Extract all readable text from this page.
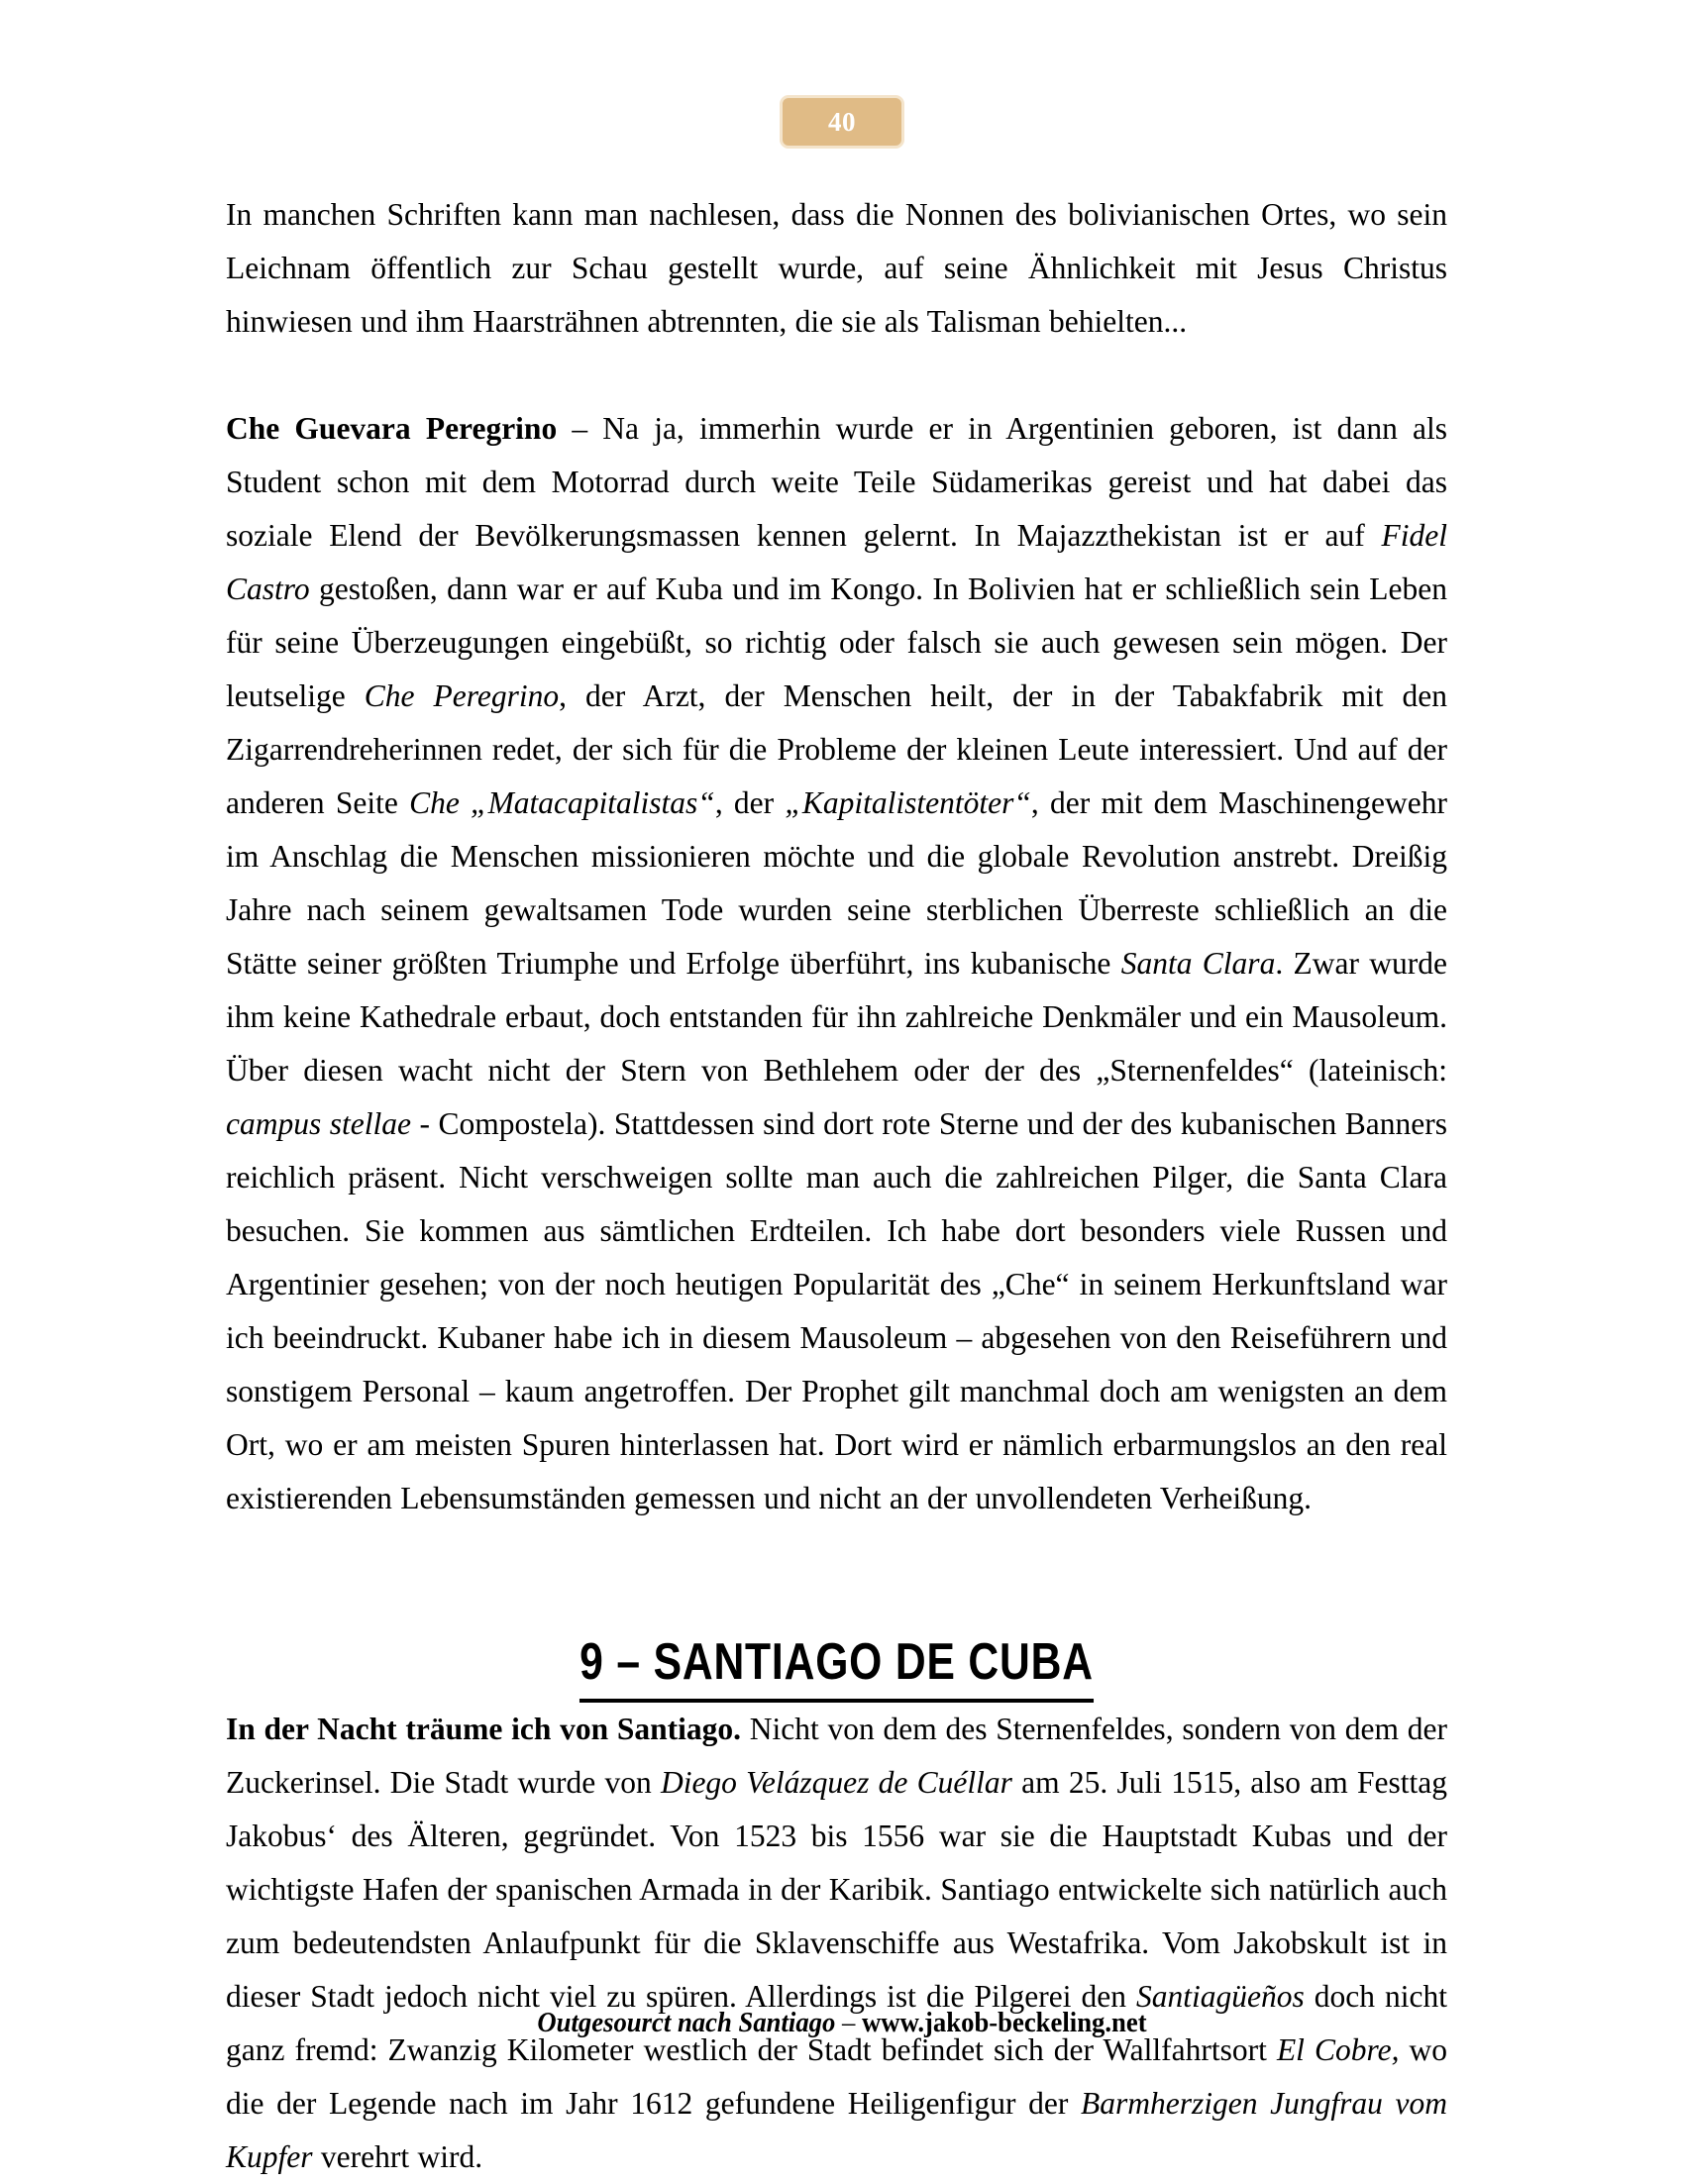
40

In manchen Schriften kann man nachlesen, dass die Nonnen des bolivianischen Ortes, wo sein Leichnam öffentlich zur Schau gestellt wurde, auf seine Ähnlichkeit mit Jesus Christus hinwiesen und ihm Haarsträhnen abtrennten, die sie als Talisman behielten...

Che Guevara Peregrino – Na ja, immerhin wurde er in Argentinien geboren, ist dann als Student schon mit dem Motorrad durch weite Teile Südamerikas gereist und hat dabei das soziale Elend der Bevölkerungsmassen kennen gelernt. In Majazzthekistan ist er auf Fidel Castro gestoßen, dann war er auf Kuba und im Kongo. In Bolivien hat er schließlich sein Leben für seine Überzeugungen eingebüßt, so richtig oder falsch sie auch gewesen sein mögen. Der leutselige Che Peregrino, der Arzt, der Menschen heilt, der in der Tabakfabrik mit den Zigarrendreherinnen redet, der sich für die Probleme der kleinen Leute interessiert. Und auf der anderen Seite Che „Matacapitalistas“, der „Kapitalistentöter“, der mit dem Maschinengewehr im Anschlag die Menschen missionieren möchte und die globale Revolution anstrebt. Dreißig Jahre nach seinem gewaltsamen Tode wurden seine sterblichen Überreste schließlich an die Stätte seiner größten Triumphe und Erfolge überführt, ins kubanische Santa Clara. Zwar wurde ihm keine Kathedrale erbaut, doch entstanden für ihn zahlreiche Denkmäler und ein Mausoleum. Über diesen wacht nicht der Stern von Bethlehem oder der des „Sternenfeldes“ (lateinisch: campus stellae - Compostela). Stattdessen sind dort rote Sterne und der des kubanischen Banners reichlich präsent. Nicht verschweigen sollte man auch die zahlreichen Pilger, die Santa Clara besuchen. Sie kommen aus sämtlichen Erdteilen. Ich habe dort besonders viele Russen und Argentinier gesehen; von der noch heutigen Popularität des „Che“ in seinem Herkunftsland war ich beeindruckt. Kubaner habe ich in diesem Mausoleum – abgesehen von den Reiseführern und sonstigem Personal – kaum angetroffen. Der Prophet gilt manchmal doch am wenigsten an dem Ort, wo er am meisten Spuren hinterlassen hat. Dort wird er nämlich erbarmungslos an den real existierenden Lebensumständen gemessen und nicht an der unvollendeten Verheißung.

9 – SANTIAGO DE CUBA

In der Nacht träume ich von Santiago. Nicht von dem des Sternenfeldes, sondern von dem der Zuckerinsel. Die Stadt wurde von Diego Velázquez de Cuéllar am 25. Juli 1515, also am Festtag Jakobus‘ des Älteren, gegründet. Von 1523 bis 1556 war sie die Hauptstadt Kubas und der wichtigste Hafen der spanischen Armada in der Karibik. Santiago entwickelte sich natürlich auch zum bedeutendsten Anlaufpunkt für die Sklavenschiffe aus Westafrika. Vom Jakobskult ist in dieser Stadt jedoch nicht viel zu spüren. Allerdings ist die Pilgerei den Santiagüeños doch nicht ganz fremd: Zwanzig Kilometer westlich der Stadt befindet sich der Wallfahrtsort El Cobre, wo die der Legende nach im Jahr 1612 gefundene Heiligenfigur der Barmherzigen Jungfrau vom Kupfer verehrt wird.

Outgesourct nach Santiago – www.jakob-beckeling.net
